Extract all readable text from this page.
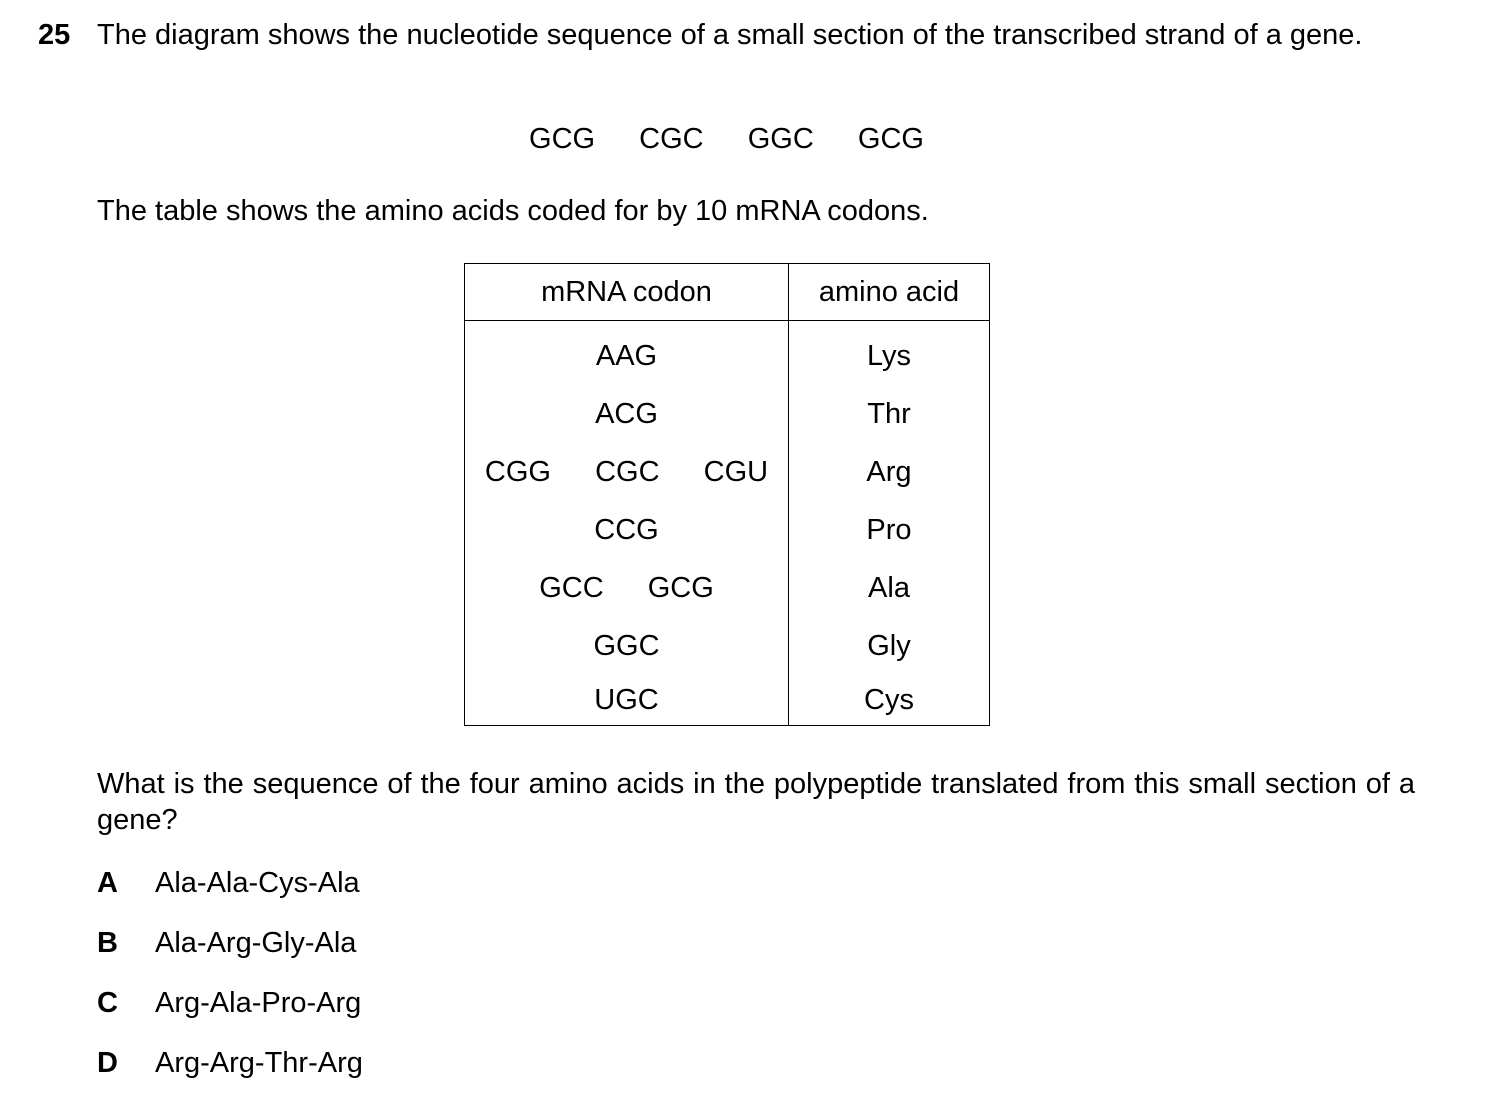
25 The diagram shows the nucleotide sequence of a small section of the transcribed strand of a gene.
GCG  CGC  GGC  GCG
The table shows the amino acids coded for by 10 mRNA codons.
mRNA codon	amino acid
AAG	Lys
ACG	Thr
CGG  CGC  CGU	Arg
CCG	Pro
GCC  GCG	Ala
GGC	Gly
UGC	Cys
What is the sequence of the four amino acids in the polypeptide translated from this small section of a gene?
A	Ala-Ala-Cys-Ala
B	Ala-Arg-Gly-Ala
C	Arg-Ala-Pro-Arg
D	Arg-Arg-Thr-Arg
